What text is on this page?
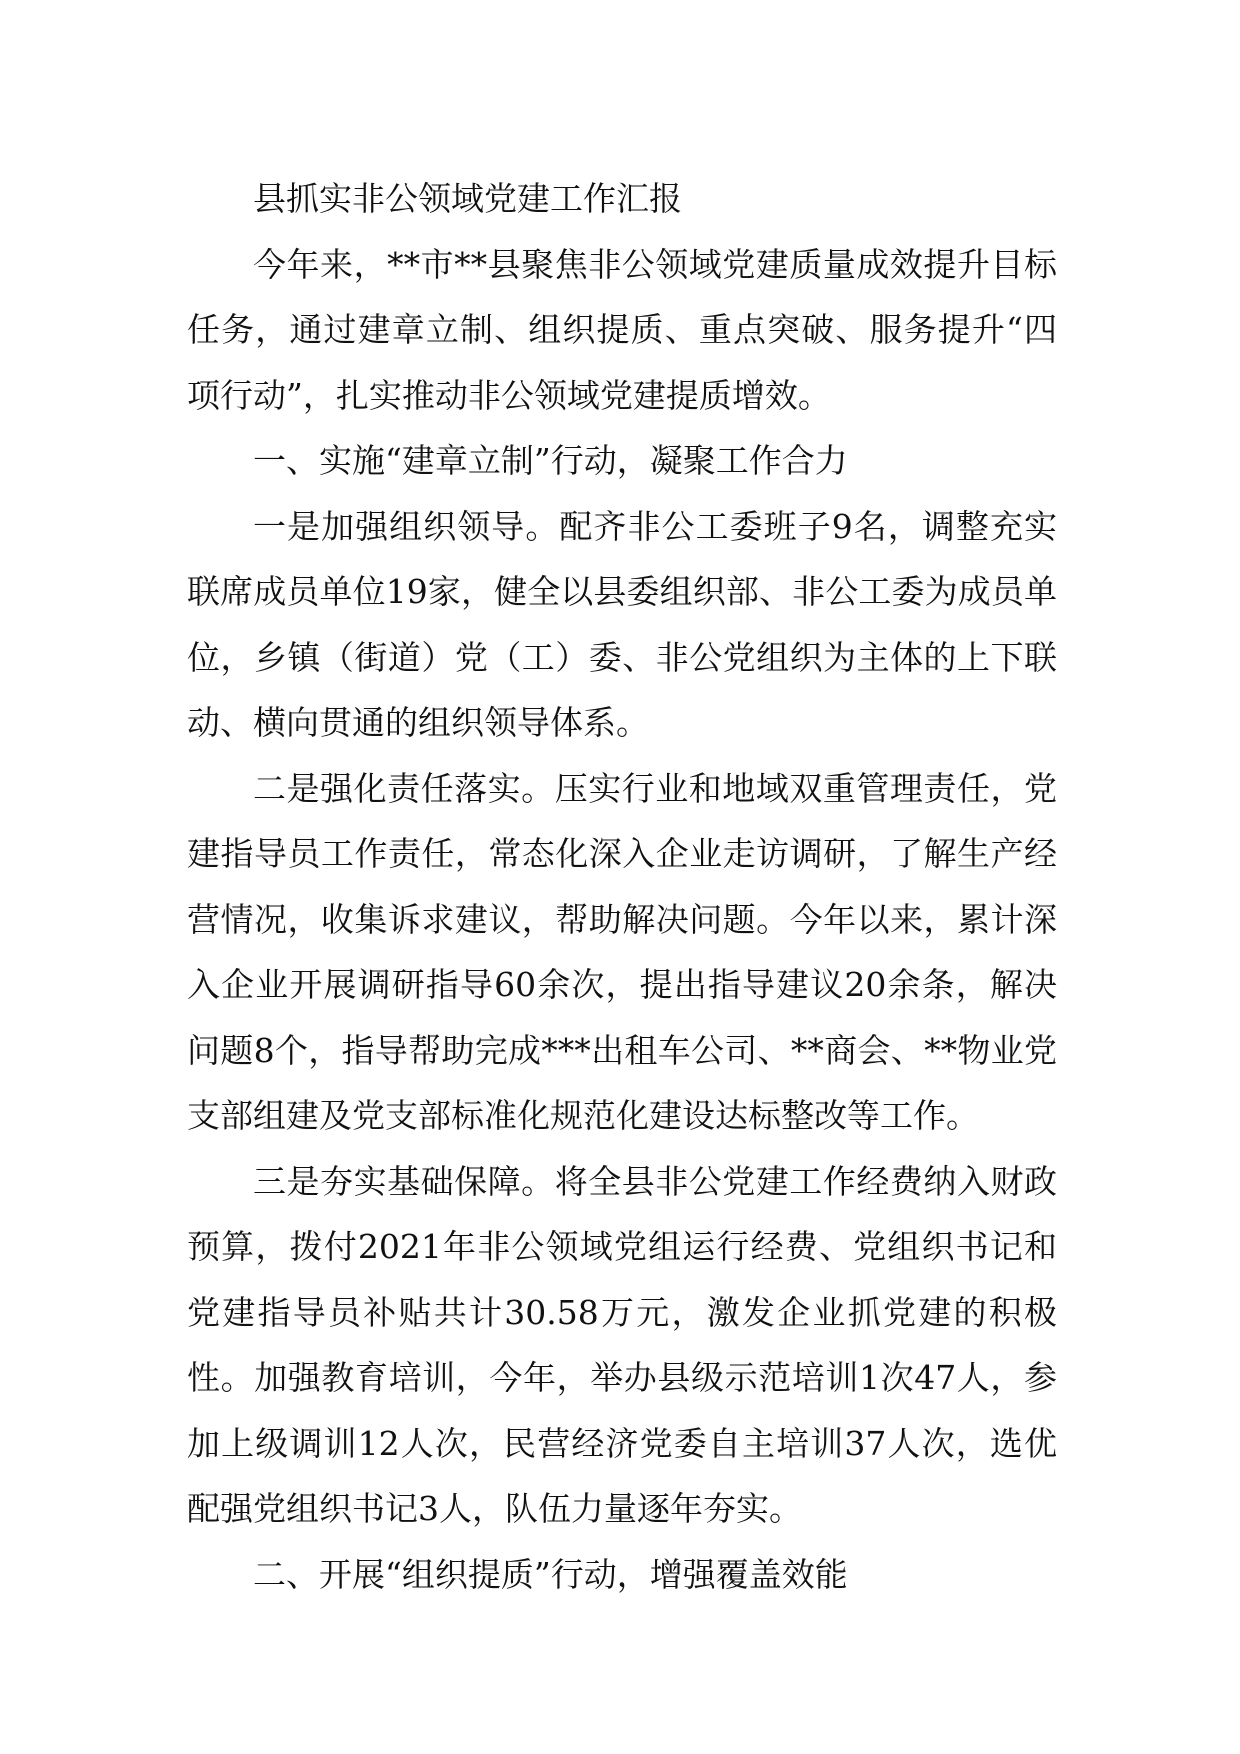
县抓实非公领域党建工作汇报

今年来，**市**县聚焦非公领域党建质量成效提升目标任务，通过建章立制、组织提质、重点突破、服务提升“四项行动”，扎实推动非公领域党建提质增效。

一、实施“建章立制”行动，凝聚工作合力

一是加强组织领导。配齐非公工委班子9名，调整充实联席成员单位19家，健全以县委组织部、非公工委为成员单位，乡镇（街道）党（工）委、非公党组织为主体的上下联动、横向贯通的组织领导体系。

二是强化责任落实。压实行业和地域双重管理责任，党建指导员工作责任，常态化深入企业走访调研，了解生产经营情况，收集诉求建议，帮助解决问题。今年以来，累计深入企业开展调研指导60余次，提出指导建议20余条，解决问题8个，指导帮助完成***出租车公司、**商会、**物业党支部组建及党支部标准化规范化建设达标整改等工作。

三是夯实基础保障。将全县非公党建工作经费纳入财政预算，拨付2021年非公领域党组运行经费、党组织书记和党建指导员补贴共计30.58万元，激发企业抓党建的积极性。加强教育培训，今年，举办县级示范培训1次47人，参加上级调训12人次，民营经济党委自主培训37人次，选优配强党组织书记3人，队伍力量逐年夯实。

二、开展“组织提质”行动，增强覆盖效能
